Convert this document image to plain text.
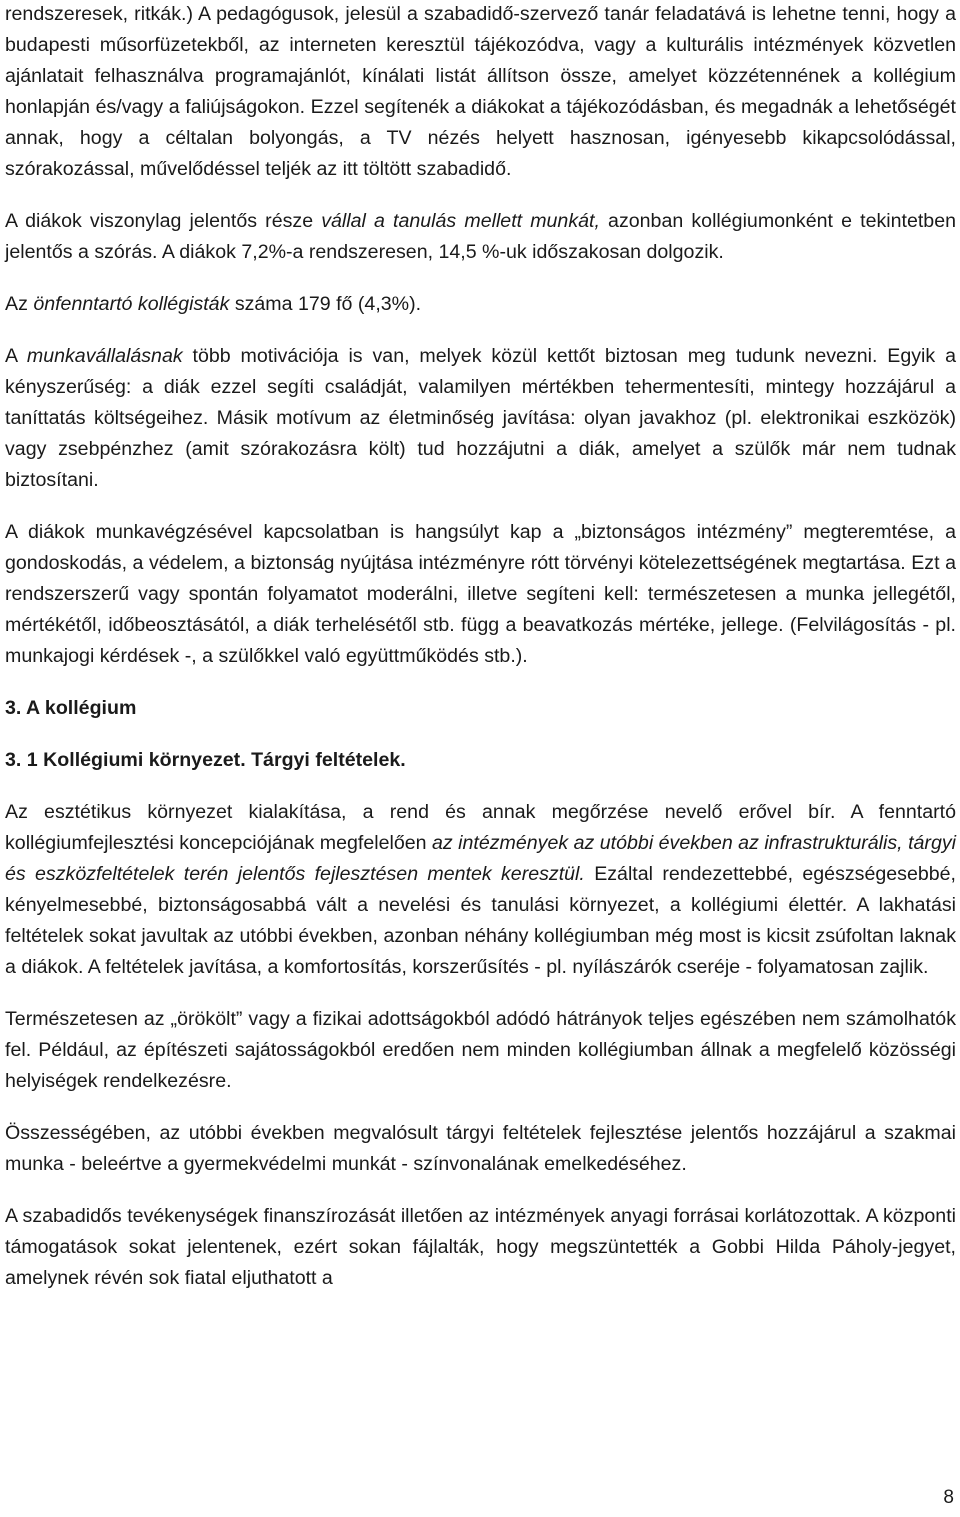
rendszeresek, ritkák.) A pedagógusok, jelesül a szabadidő-szervező tanár feladatává is lehetne tenni, hogy a budapesti műsorfüzetekből, az interneten keresztül tájékozódva, vagy a kulturális intézmények közvetlen ajánlatait felhasználva programajánlót, kínálati listát állítson össze, amelyet közzétennének a kollégium honlapján és/vagy a faliújságokon. Ezzel segítenék a diákokat a tájékozódásban, és megadnák a lehetőségét annak, hogy a céltalan bolyongás, a TV nézés helyett hasznosan, igényesebb kikapcsolódással, szórakozással, művelődéssel teljék az itt töltött szabadidő.

A diákok viszonylag jelentős része vállal a tanulás mellett munkát, azonban kollégiumonként e tekintetben jelentős a szórás. A diákok 7,2%-a rendszeresen, 14,5 %-uk időszakosan dolgozik.

Az önfenntartó kollégisták száma 179 fő (4,3%).

A munkavállalásnak több motivációja is van, melyek közül kettőt biztosan meg tudunk nevezni. Egyik a kényszerűség: a diák ezzel segíti családját, valamilyen mértékben tehermentesíti, mintegy hozzájárul a taníttatás költségeihez. Másik motívum az életminőség javítása: olyan javakhoz (pl. elektronikai eszközök) vagy zsebpénzhez (amit szórakozásra költ) tud hozzájutni a diák, amelyet a szülők már nem tudnak biztosítani.

A diákok munkavégzésével kapcsolatban is hangsúlyt kap a „biztonságos intézmény” megteremtése, a gondoskodás, a védelem, a biztonság nyújtása intézményre rótt törvényi kötelezettségének megtartása. Ezt a rendszerszerű vagy spontán folyamatot moderálni, illetve segíteni kell: természetesen a munka jellegétől, mértékétől, időbeosztásától, a diák terhelésétől stb. függ a beavatkozás mértéke, jellege. (Felvilágosítás - pl. munkajogi kérdések -, a szülőkkel való együttműködés stb.).

3. A kollégium
3. 1 Kollégiumi környezet. Tárgyi feltételek.

Az esztétikus környezet kialakítása, a rend és annak megőrzése nevelő erővel bír. A fenntartó kollégiumfejlesztési koncepciójának megfelelően az intézmények az utóbbi években az infrastrukturális, tárgyi és eszközfeltételek terén jelentős fejlesztésen mentek keresztül. Ezáltal rendezettebbé, egészségesebbé, kényelmesebbé, biztonságosabbá vált a nevelési és tanulási környezet, a kollégiumi élettér. A lakhatási feltételek sokat javultak az utóbbi években, azonban néhány kollégiumban még most is kicsit zsúfoltan laknak a diákok. A feltételek javítása, a komfortosítás, korszerűsítés - pl. nyílászárók cseréje - folyamatosan zajlik.

Természetesen az „örökölt” vagy a fizikai adottságokból adódó hátrányok teljes egészében nem számolhatók fel. Például, az építészeti sajátosságokból eredően nem minden kollégiumban állnak a megfelelő közösségi helyiségek rendelkezésre.

Összességében, az utóbbi években megvalósult tárgyi feltételek fejlesztése jelentős hozzájárul a szakmai munka - beleértve a gyermekvédelmi munkát - színvonalának emelkedéséhez.

A szabadidős tevékenységek finanszírozását illetően az intézmények anyagi forrásai korlátozottak. A központi támogatások sokat jelentenek, ezért sokan fájlalták, hogy megszüntették a Gobbi Hilda Páholy-jegyet, amelynek révén sok fiatal eljuthatott a

8
